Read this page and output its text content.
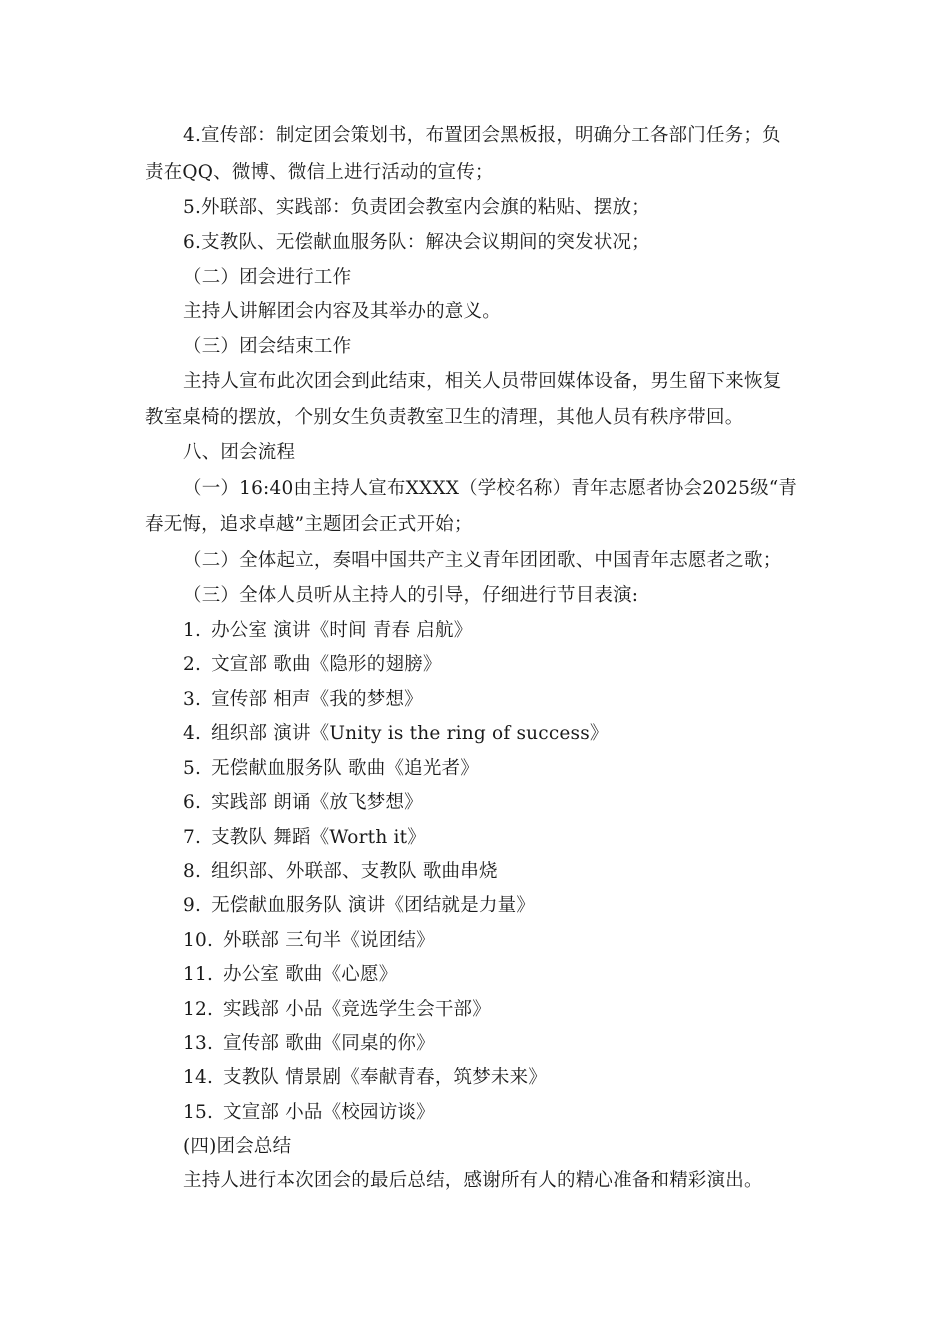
4.宣传部：制定团会策划书，布置团会黑板报，明确分工各部门任务；负
责在QQ、微博、微信上进行活动的宣传；
5.外联部、实践部：负责团会教室内会旗的粘贴、摆放；
6.支教队、无偿献血服务队：解决会议期间的突发状况；
（二）团会进行工作
主持人讲解团会内容及其举办的意义。
（三）团会结束工作
主持人宣布此次团会到此结束，相关人员带回媒体设备，男生留下来恢复
教室桌椅的摆放，个别女生负责教室卫生的清理，其他人员有秩序带回。
八、团会流程
（一）16:40由主持人宣布XXXX（学校名称）青年志愿者协会2025级“青
春无悔，追求卓越”主题团会正式开始；
（二）全体起立，奏唱中国共产主义青年团团歌、中国青年志愿者之歌；
（三）全体人员听从主持人的引导，仔细进行节目表演:
1. 办公室 演讲《时间 青春 启航》
2. 文宣部 歌曲《隐形的翅膀》
3. 宣传部 相声《我的梦想》
4. 组织部 演讲《Unity is the ring of success》
5. 无偿献血服务队 歌曲《追光者》
6. 实践部 朗诵《放飞梦想》
7. 支教队 舞蹈《Worth it》
8. 组织部、外联部、支教队 歌曲串烧
9. 无偿献血服务队 演讲《团结就是力量》
10. 外联部 三句半《说团结》
11. 办公室 歌曲《心愿》
12. 实践部 小品《竞选学生会干部》
13. 宣传部 歌曲《同桌的你》
14. 支教队 情景剧《奉献青春，筑梦未来》
15. 文宣部 小品《校园访谈》
(四)团会总结
主持人进行本次团会的最后总结，感谢所有人的精心准备和精彩演出。
